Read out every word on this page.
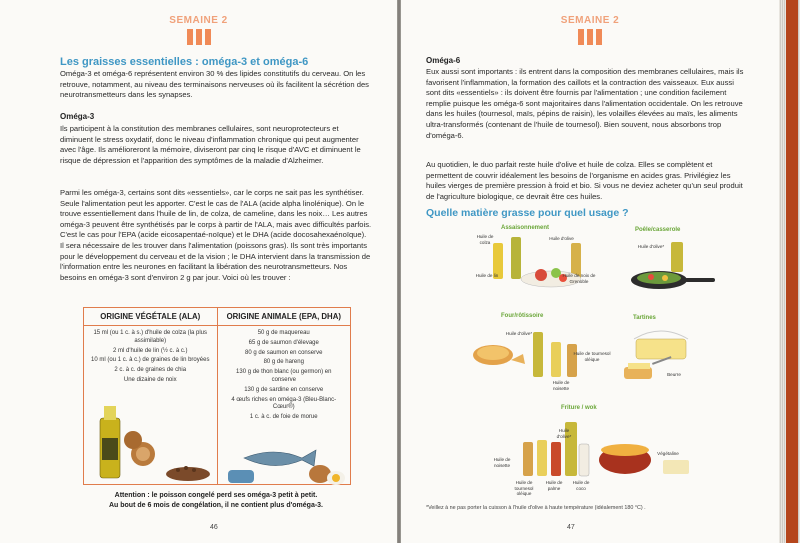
SEMAINE 2
Les graisses essentielles : oméga-3 et oméga-6

Oméga-3 et oméga-6 représentent environ 30 % des lipides constitutifs du cerveau. On les retrouve, notamment, au niveau des terminaisons nerveuses où ils facilitent la sécrétion des neurotransmetteurs dans les synapses.

Oméga-3

Ils participent à la constitution des membranes cellulaires, sont neuroprotecteurs et diminuent le stress oxydatif, donc le niveau d'inflammation chronique qui peut augmenter avec l'âge. Ils amélioreront la mémoire, diviseront par cinq le risque d'AVC et diminuent le risque de dépression et l'apparition des symptômes de la maladie d'Alzheimer.

Parmi les oméga-3, certains sont dits «essentiels», car le corps ne sait pas les synthétiser. Seule l'alimentation peut les apporter. C'est le cas de l'ALA (acide alpha linolénique). On le trouve essentiellement dans l'huile de lin, de colza, de cameline, dans les noix… Les autres oméga-3 peuvent être synthétisés par le corps à partir de l'ALA, mais avec difficultés parfois. C'est le cas pour l'EPA (acide eicosapentaé-noïque) et le DHA (acide docosahexaénoïque). Il sera nécessaire de les trouver dans l'alimentation (poissons gras). Ils sont très importants pour le développement du cerveau et de la vision ; le DHA intervient dans la transmission de l'information entre les neurones en facilitant la libération des neurotransmetteurs. Nos besoins en oméga-3 sont d'environ 2 g par jour. Voici où les trouver :

ORIGINE VÉGÉTALE (ALA)	ORIGINE ANIMALE (EPA, DHA)
15 ml (ou 1 c. à s.) d'huile de colza (la plus assimilable)
2 ml d'huile de lin (½ c. à c.)
10 ml (ou 1 c. à c.) de graines de lin broyées
2 c. à c. de graines de chia
Une dizaine de noix
50 g de maquereau
65 g de saumon d'élevage
80 g de saumon en conserve
80 g de hareng
130 g de thon blanc (ou germon) en conserve
130 g de sardine en conserve
4 œufs riches en oméga-3 (Bleu-Blanc-Cœur®)
1 c. à c. de foie de morue
Attention : le poisson congelé perd ses oméga-3 petit à petit.
Au bout de 6 mois de congélation, il ne contient plus d'oméga-3.
46
SEMAINE 2
Oméga-6

Eux aussi sont importants : ils entrent dans la composition des membranes cellulaires, mais ils favorisent l'inflammation, la formation des caillots et la contraction des vaisseaux. Eux aussi sont dits «essentiels» : ils doivent être fournis par l'alimentation ; une condition facilement remplie puisque les oméga-6 sont majoritaires dans l'alimentation occidentale. On les retrouve dans les huiles (tournesol, maïs, pépins de raisin), les volailles élevées au maïs, les aliments ultra-transformés (contenant de l'huile de tournesol). Bien souvent, nous absorbons trop d'oméga-6.

Au quotidien, le duo parfait reste huile d'olive et huile de colza. Elles se complètent et permettent de couvrir idéalement les besoins de l'organisme en acides gras. Privilégiez les huiles vierges de première pression à froid et bio. Si vous ne deviez acheter qu'un seul produit de l'agriculture biologique, ce devrait être ces huiles.

Quelle matière grasse pour quel usage ?
Assaisonnement
Huile de colza
Huile d'olive
Huile de lin	Huile de noix de Grenoble
Poêle/casserole
Huile d'olive*
Four/rôtissoire
Huile d'olive*
Huile de tournesol oléique
Huile de noisette
Tartines
Beurre
Friture / wok
Huile d'olive*
Huile de noisette
Huile de tournesol oléique
Huile de palme
Huile de coco
Végétaline
*Veillez à ne pas porter la cuisson à l'huile d'olive à haute température (idéalement 180 °C) .
47
